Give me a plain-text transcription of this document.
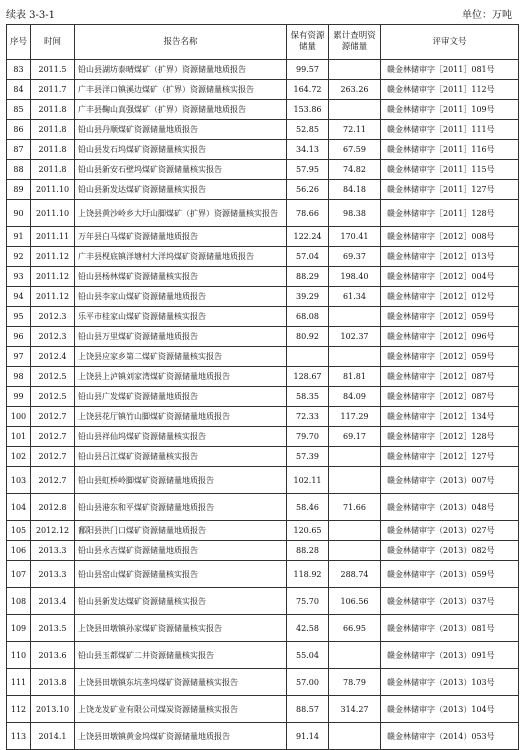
续表 3-3-1	单位：万吨
序号	时间	报告名称	保有资源储量	累计查明资源储量	评审文号
83	2011.5	铅山县湖坊泰晴煤矿（扩界）资源储量地质报告	99.57		赣金林储审字［2011］081号
84	2011.7	广丰县洋口镇溪边煤矿（扩界）资源储量核实报告	164.72	263.26	赣金林储审字［2011］112号
85	2011.8	广丰县鞠山真强煤矿（扩界）资源储量地质报告	153.86		赣金林储审字［2011］109号
86	2011.8	铅山县丹顺煤矿资源储量地质报告	52.85	72.11	赣金林储审字［2011］111号
87	2011.8	铅山县发石坞煤矿资源储量核实报告	34.13	67.59	赣金林储审字［2011］116号
88	2011.8	铅山县新安石壁坞煤矿资源储量核实报告	57.95	74.82	赣金林储审字［2011］115号
89	2011.10	铅山县新发达煤矿资源储量核实报告	56.26	84.18	赣金林储审字［2011］127号
90	2011.10	上饶县黄沙岭乡大圩山脚煤矿（扩界）资源储量核实报告	78.66	98.38	赣金林储审字［2011］128号
91	2011.11	万年县白马煤矿资源储量地质报告	122.24	170.41	赣金林储审字［2012］008号
92	2011.12	广丰县枧底镇洋塘村大洋坞煤矿资源储量地质报告	57.04	69.37	赣金林储审字［2012］013号
93	2011.12	铅山县杨林煤矿资源储量核实报告	88.29	198.40	赣金林储审字［2012］004号
94	2011.12	铅山县李家山煤矿资源储量地质报告	39.29	61.34	赣金林储审字［2012］012号
95	2012.3	乐平市桂家山煤矿资源储量核实报告	68.08		赣金林储审字［2012］059号
96	2012.3	铅山县万里煤矿资源储量地质报告	80.92	102.37	赣金林储审字［2012］096号
97	2012.4	上饶县应家乡第二煤矿资源储量核实报告			赣金林储审字［2012］059号
98	2012.5	上饶县上泸镇刘家湾煤矿资源储量地质报告	128.67	81.81	赣金林储审字［2012］087号
99	2012.5	铅山县广发煤矿资源储量地质报告	58.35	84.09	赣金林储审字［2012］087号
100	2012.7	上饶县花厅镇竹山脚煤矿资源储量地质报告	72.33	117.29	赣金林储审字［2012］134号
101	2012.7	铅山县祥仙坞煤矿资源储量核实报告	79.70	69.17	赣金林储审字［2012］128号
102	2012.7	铅山县吕江煤矿资源储量核实报告	57.39		赣金林储审字［2012］127号
103	2012.7	铅山县虹桥岭脚煤矿资源储量地质报告	102.11		赣金林储审字（2013）007号
104	2012.8	铅山县港东和平煤矿资源储量地质报告	58.46	71.66	赣金林储审字（2013）048号
105	2012.12	鄱阳县洪门口煤矿资源储量地质报告	120.65		赣金林储审字（2013）027号
106	2013.3	铅山县永吉煤矿资源储量地质报告	88.28		赣金林储审字（2013）082号
107	2013.3	铅山县窑山煤矿资源储量核实报告	118.92	288.74	赣金林储审字（2013）059号
108	2013.4	铅山县新发达煤矿资源储量核实报告	75.70	106.56	赣金林储审字（2013）037号
109	2013.5	上饶县田墩镇孙家煤矿资源储量核实报告	42.58	66.95	赣金林储审字（2013）081号
110	2013.6	铅山县玉都煤矿二井资源储量核实报告	55.04		赣金林储审字（2013）091号
111	2013.8	上饶县田墩镇东坑垄坞煤矿资源储量核实报告	57.00	78.79	赣金林储审字（2013）103号
112	2013.10	上饶龙发矿业有限公司煤炭资源储量核实报告	88.57	314.27	赣金林储审字（2013）104号
113	2014.1	上饶县田墩镇黄金坞煤矿资源储量地质报告	91.14		赣金林储审字（2014）053号
